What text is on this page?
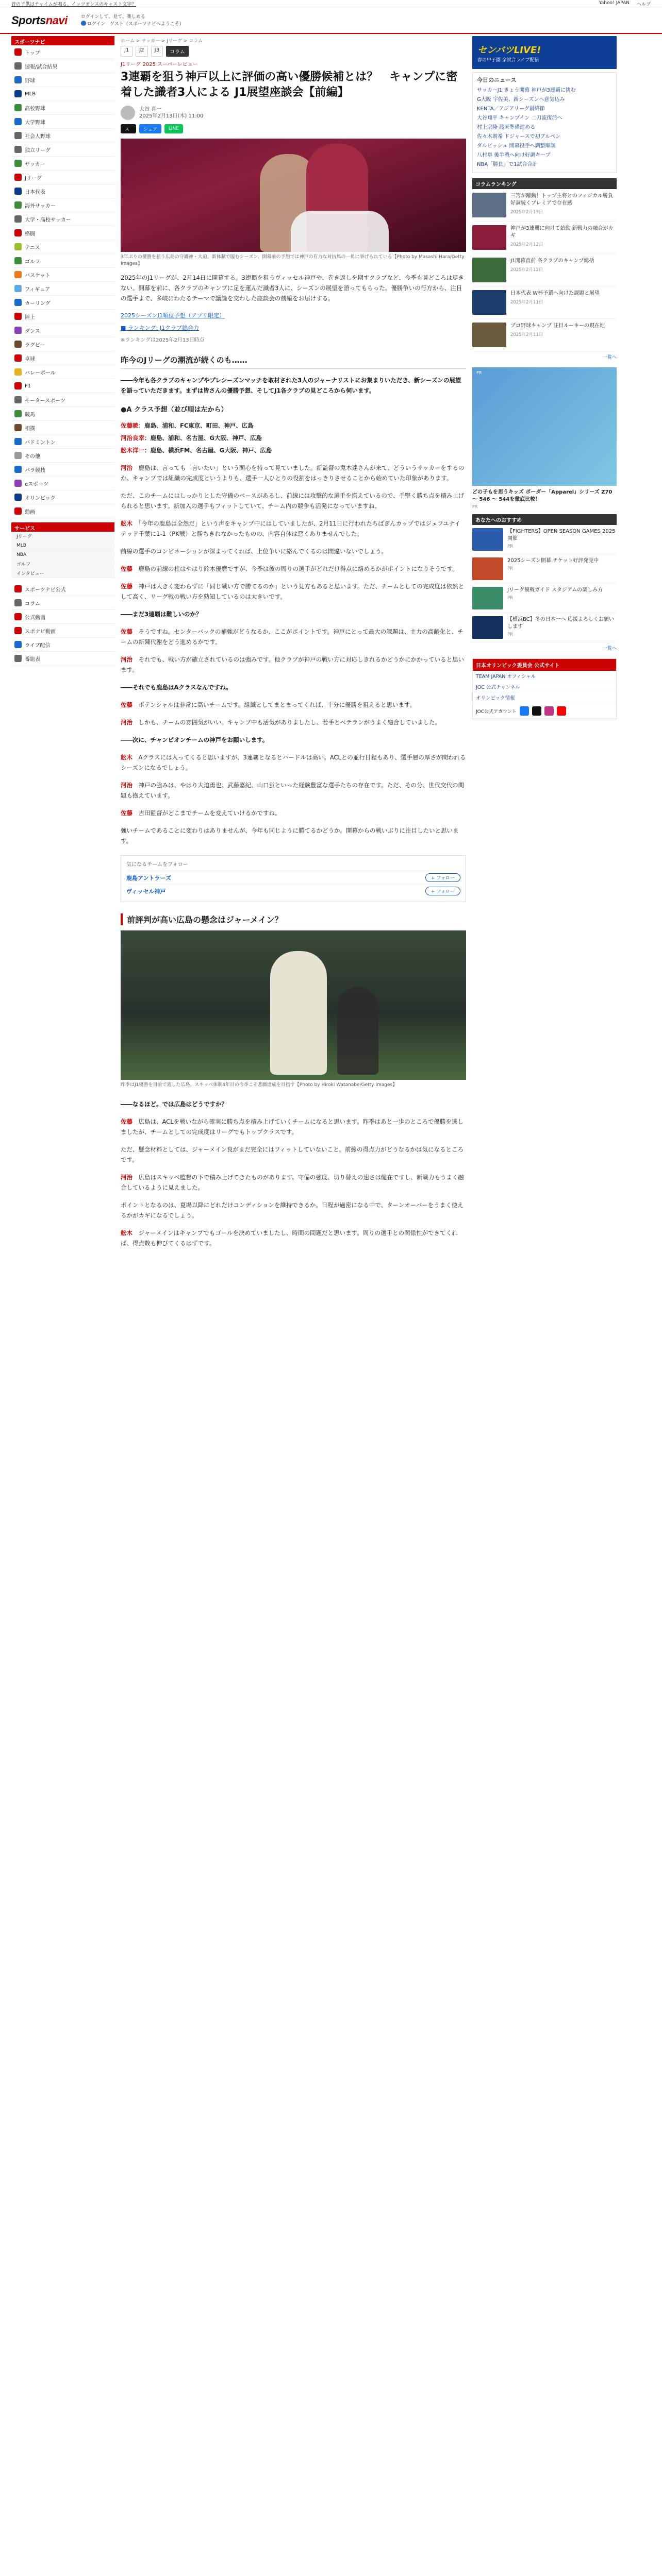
昔の子供はチャイムが鳴る、イッツオンスのキャスト文字？	Yahoo! JAPAN ヘルプ
Sportsnavi	ログインして、見て、楽しめる
ログイン　 ゲスト（スポーツナビへようこそ）
スポーツナビ
トップ
速報/試合結果
野球
MLB
高校野球
大学野球
社会人野球
独立リーグ
サッカー
Jリーグ
日本代表
海外サッカー
大学・高校サッカー
格闘
テニス
ゴルフ
バスケット
フィギュア
カーリング
陸上
ダンス
ラグビー
卓球
バレーボール
F1
モータースポーツ
競馬
相撲
バドミントン
その他
パラ競技
eスポーツ
オリンピック
動画
サービス
Jリーグ
MLB
NBA
ゴルフ
インタビュー
スポーツナビ公式
コラム
公式動画
スポナビ動画
ライブ配信
番組表
ホーム > サッカー > Jリーグ > コラム
J1	J2	J3	コラム
J1リーグ 2025 スーパーレビュー
3連覇を狙う神戸以上に評価の高い優勝候補とは？　キャンプに密着した識者3人による J1展望座談会【前編】
大谷 喜一
2025年2月13日(木) 11:00
ポスト
シェア	LINE
3年ぶりの優勝を狙う広島の守護神・大迫。新体制で臨むシーズン、開幕前の予想では神戸の有力な対抗馬の一角に挙げられている【Photo by Masashi Hara/Getty Images】

2025年のJ1リーグが、2月14日に開幕する。3連覇を狙うヴィッセル神戸や、巻き返しを期すクラブなど、今季も見どころは尽きない。開幕を前に、各クラブのキャンプに足を運んだ識者3人に、シーズンの展望を語ってもらった。優勝争いの行方から、注目の選手まで、多岐にわたるテーマで議論を交わした座談会の前編をお届けする。

2025シーズンJ1順位予想（アプリ限定）
■ ランキング: J1クラブ総合力
※ランキングは2025年2月13日時点
昨今のJリーグの潮流が続くのも……

――今年も各クラブのキャンプやプレシーズンマッチを取材された3人のジャーナリストにお集まりいただき、新シーズンの展望を語っていただきます。まずは皆さんの優勝予想、そしてJ1各クラブの見どころから伺います。

●A クラス予想（並び順は左から）
佐藤暁：鹿島、浦和、FC東京、町田、神戸、広島
河治良幸：鹿島、浦和、名古屋、G大阪、神戸、広島
舩木洋一：鹿島、横浜FM、名古屋、G大阪、神戸、広島

河治　 鹿島は、言っても「言いたい」という関心を持って見ていました。新監督の鬼木達さんが来て、どういうサッカーをするのか、キャンプでは組織の完成度というよりも、選手一人ひとりの役割をはっきりさせることから始めていた印象があります。

ただ、このチームにはしっかりとした守備のベースがあるし、前線には攻撃的な選手を揃えているので、手堅く勝ち点を積み上げられると思います。新加入の選手もフィットしていて、チーム内の競争も活発になっていますね。

舩木　 「今年の鹿島は全然だ」という声をキャンプ中にはしていましたが、2月11日に行われたちばぎんカップではジェフユナイテッド千葉に1-1（PK戦）と勝ちきれなかったものの、内容自体は悪くありませんでした。

前線の選手のコンビネーションが深まってくれば、上位争いに絡んでくるのは間違いないでしょう。

佐藤　 鹿島の前線の柱はやはり鈴木優磨ですが、今季は彼の周りの選手がどれだけ得点に絡めるかがポイントになりそうです。

佐藤　 神戸は大きく変わらずに「同じ戦い方で勝てるのか」という見方もあると思います。ただ、チームとしての完成度は依然として高く、リーグ戦の戦い方を熟知しているのは大きいです。

――まだ3連覇は難しいのか？

佐藤　 そうですね。センターバックの補強がどうなるか、ここがポイントです。神戸にとって最大の課題は、主力の高齢化と、チームの新陳代謝をどう進めるかです。

河治　 それでも、戦い方が確立されているのは強みです。他クラブが神戸の戦い方に対応しきれるかどうかにかかっていると思います。

――それでも鹿島はAクラスなんですね。

佐藤　 ポテンシャルは非常に高いチームです。組織としてまとまってくれば、十分に優勝を狙えると思います。

河治　 しかも、チームの雰囲気がいい。キャンプ中も活気がありましたし、若手とベテランがうまく融合していました。

――次に、チャンピオンチームの神戸をお願いします。

舩木　 Aクラスには入ってくると思いますが、3連覇となるとハードルは高い。ACLとの並行日程もあり、選手層の厚さが問われるシーズンになるでしょう。

河治　 神戸の強みは、やはり大迫勇也、武藤嘉紀、山口蛍といった経験豊富な選手たちの存在です。ただ、その分、世代交代の問題も抱えています。

佐藤　 吉田監督がどこまでチームを変えていけるかですね。

強いチームであることに変わりはありませんが、今年も同じように勝てるかどうか。開幕からの戦いぶりに注目したいと思います。

気になるチームをフォロー
鹿島アントラーズ	+ フォロー
ヴィッセル神戸	+ フォロー
前評判が高い広島の懸念はジャーメイン？
昨季はJ1優勝を目前で逃した広島。スキッベ体制4年目の今季こそ悲願達成を目指す【Photo by Hiroki Watanabe/Getty Images】

――なるほど。では広島はどうですか？

佐藤　 広島は、ACLを戦いながら確実に勝ち点を積み上げていくチームになると思います。昨季はあと一歩のところで優勝を逃しましたが、チームとしての完成度はリーグでもトップクラスです。

ただ、懸念材料としては、ジャーメイン良がまだ完全にはフィットしていないこと。前線の得点力がどうなるかは気になるところです。

河治　 広島はスキッベ監督の下で積み上げてきたものがあります。守備の強度、切り替えの速さは健在ですし、新戦力もうまく融合しているように見えました。

ポイントとなるのは、夏場以降にどれだけコンディションを維持できるか。日程が過密になる中で、ターンオーバーをうまく使えるかがカギになるでしょう。

舩木　 ジャーメインはキャンプでもゴールを決めていましたし、時間の問題だと思います。周りの選手との関係性ができてくれば、得点数も伸びてくるはずです。

センバツLIVE!
春の甲子園 全試合ライブ配信
今日のニュース
サッカーJ1 きょう開幕 神戸が3連覇に挑む
G大阪 宇佐美、新シーズンへ意気込み
KENTA／アジアリーグ最終節
大谷翔平 キャンプイン 二刀流復活へ
村上宗隆 渡米準備進める
佐々木朗希 ドジャースで初ブルペン
ダルビッシュ 開幕投手へ調整順調
八村塁 後半戦へ向け好調キープ
NBA「勝負」で1試合合計
コラムランキング
三笘が躍動！トップ主将とのフィジカル勝負 好調続くプレミアで存在感
2025年2月13日
神戸が3連覇に向けて始動 新戦力の融合がカギ
2025年2月12日
J1開幕直前 各クラブのキャンプ総括
2025年2月12日
日本代表 W杯予選へ向けた課題と展望
2025年2月11日
プロ野球キャンプ 注目ルーキーの現在地
2025年2月11日
一覧へ
PR
どの子もを思うキッズ ボーダー「Apparel」シリーズ Z70 ～ 546 ～ 544を徹底比較！
PR
あなたへのおすすめ
【FIGHTERS】OPEN SEASON GAMES 2025 開催
PR
2025シーズン開幕 チケット好評発売中
PR
Jリーグ観戦ガイド スタジアムの楽しみ方
PR
【横浜BC】冬の日本一へ 応援よろしくお願いします
PR
一覧へ
日本オリンピック委員会 公式サイト
TEAM JAPAN オフィシャル
JOC 公式チャンネル
オリンピック情報
JOC公式アカウント
